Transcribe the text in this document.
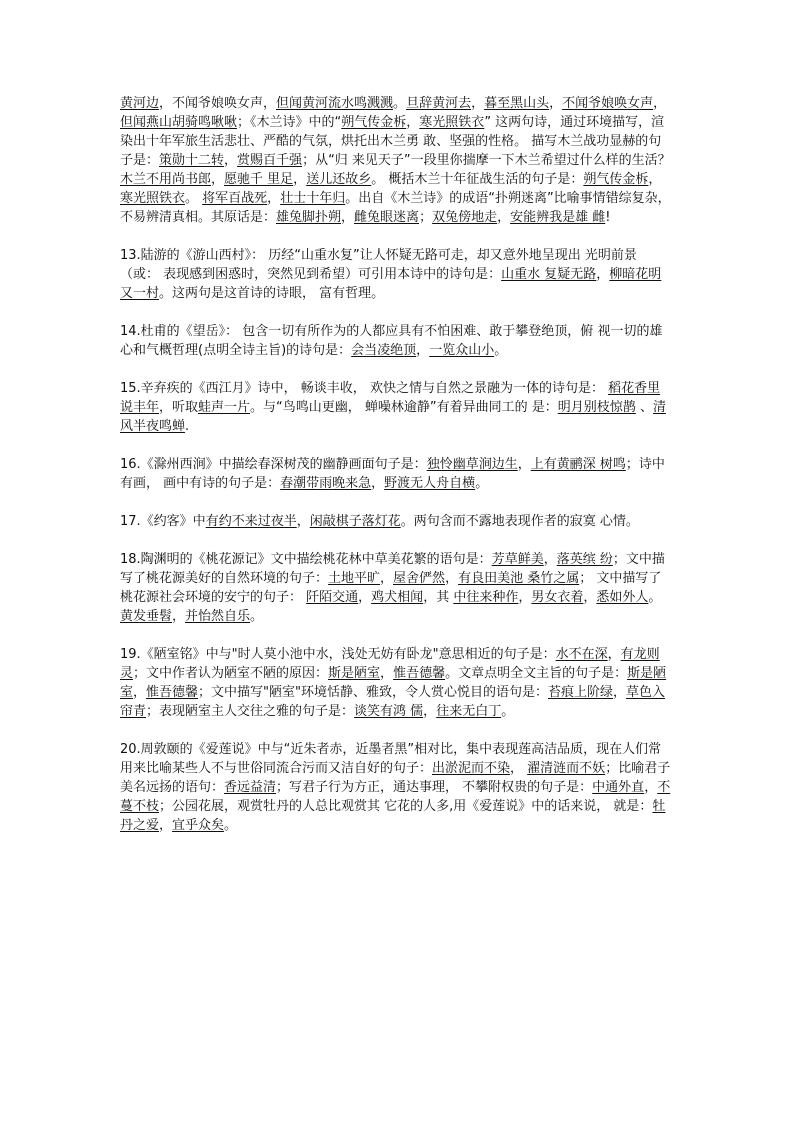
黄河边，不闻爷娘唤女声，但闻黄河流水鸣溅溅。旦辞黄河去，暮至黑山头，不闻爷娘唤女声，但闻燕山胡骑鸣啾啾；《木兰诗》中的“朔气传金柝，寒光照铁衣” 这两句诗，通过环境描写，渲染出十年军旅生活悲壮、严酷的气氛，烘托出木兰勇 敢、坚强的性格。 描写木兰战功显赫的句子是：策勋十二转，赏赐百千强；从“归 来见天子”一段里你揣摩一下木兰希望过什么样的生活？木兰不用尚书郎，愿驰千 里足，送儿还故乡。 概括木兰十年征战生活的句子是：朔气传金柝，寒光照铁衣。 将军百战死，壮士十年归。出自《木兰诗》的成语“扑朔迷离”比喻事情错综复杂， 不易辨清真相。其原话是：雄兔脚扑朔，雌兔眼迷离；双兔傍地走，安能辨我是雄 雌!

13.陆游的《游山西村》： 历经“山重水复”让人怀疑无路可走，却又意外地呈现出 光明前景（或： 表现感到困惑时，突然见到希望）可引用本诗中的诗句是：山重水 复疑无路，柳暗花明又一村。这两句是这首诗的诗眼， 富有哲理。

14.杜甫的《望岳》： 包含一切有所作为的人都应具有不怕困难、敢于攀登绝顶，俯 视一切的雄心和气概哲理(点明全诗主旨)的诗句是：会当凌绝顶，一览众山小。

15.辛弃疾的《西江月》诗中， 畅谈丰收， 欢快之情与自然之景融为一体的诗句是： 稻花香里说丰年，听取蛙声一片。与“鸟鸣山更幽， 蝉噪林逾静”有着异曲同工的 是：明月别枝惊鹊 、清风半夜鸣蝉.

16.《滁州西涧》中描绘春深树茂的幽静画面句子是：独怜幽草涧边生，上有黄鹂深 树鸣；诗中有画， 画中有诗的句子是：春潮带雨晚来急，野渡无人舟自横。

17.《约客》中有约不来过夜半，闲敲棋子落灯花。两句含而不露地表现作者的寂寞 心情。

18.陶渊明的《桃花源记》文中描绘桃花林中草美花繁的语句是：芳草鲜美，落英缤 纷；文中描写了桃花源美好的自然环境的句子：土地平旷，屋舍俨然，有良田美池 桑竹之属； 文中描写了桃花源社会环境的安宁的句子： 阡陌交通，鸡犬相闻，其 中往来种作，男女衣着，悉如外人。黄发垂髫，并怡然自乐。

19.《陋室铭》中与"时人莫小池中水，浅处无妨有卧龙"意思相近的句子是：水不在深，有龙则灵；文中作者认为陋室不陋的原因：斯是陋室，惟吾德馨。文章点明全文主旨的句子是：斯是陋室，惟吾德馨；文中描写"陋室"环境恬静、雅致，令人赏心悦目的语句是：苔痕上阶绿，草色入帘青；表现陋室主人交往之雅的句子是：谈笑有鸿 儒，往来无白丁。

20.周敦颐的《爱莲说》中与“近朱者赤，近墨者黑”相对比，集中表现莲高洁品质，现在人们常用来比喻某些人不与世俗同流合污而又洁自好的句子：出淤泥而不染， 濯清涟而不妖；比喻君子美名远扬的语句：香远益清；写君子行为方正，通达事理， 不攀附权贵的句子是：中通外直，不蔓不枝；公园花展，观赏牡丹的人总比观赏其 它花的人多,用《爱莲说》中的话来说， 就是：牡丹之爱，宜乎众矣。
